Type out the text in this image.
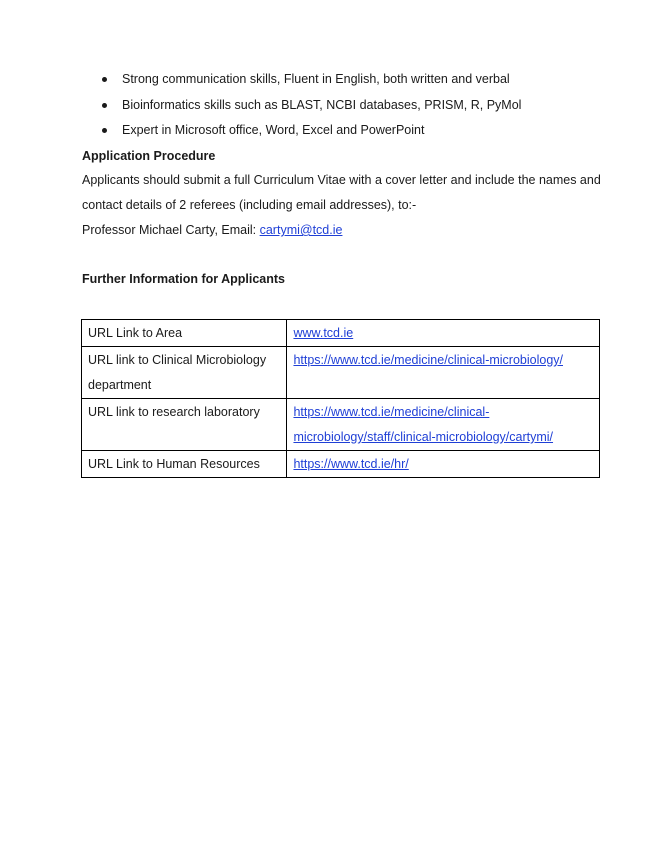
Strong communication skills, Fluent in English, both written and verbal
Bioinformatics skills such as BLAST, NCBI databases, PRISM, R, PyMol
Expert in Microsoft office, Word, Excel and PowerPoint
Application Procedure
Applicants should submit a full Curriculum Vitae with a cover letter and include the names and contact details of 2 referees (including email addresses), to:-
Professor Michael Carty, Email: cartymi@tcd.ie
Further Information for Applicants
URL Link to Area	www.tcd.ie

URL link to Clinical Microbiology department	https://www.tcd.ie/medicine/clinical-microbiology/

URL link to research laboratory	https://www.tcd.ie/medicine/clinical-microbiology/staff/clinical-microbiology/cartymi/

URL Link to Human Resources	https://www.tcd.ie/hr/
